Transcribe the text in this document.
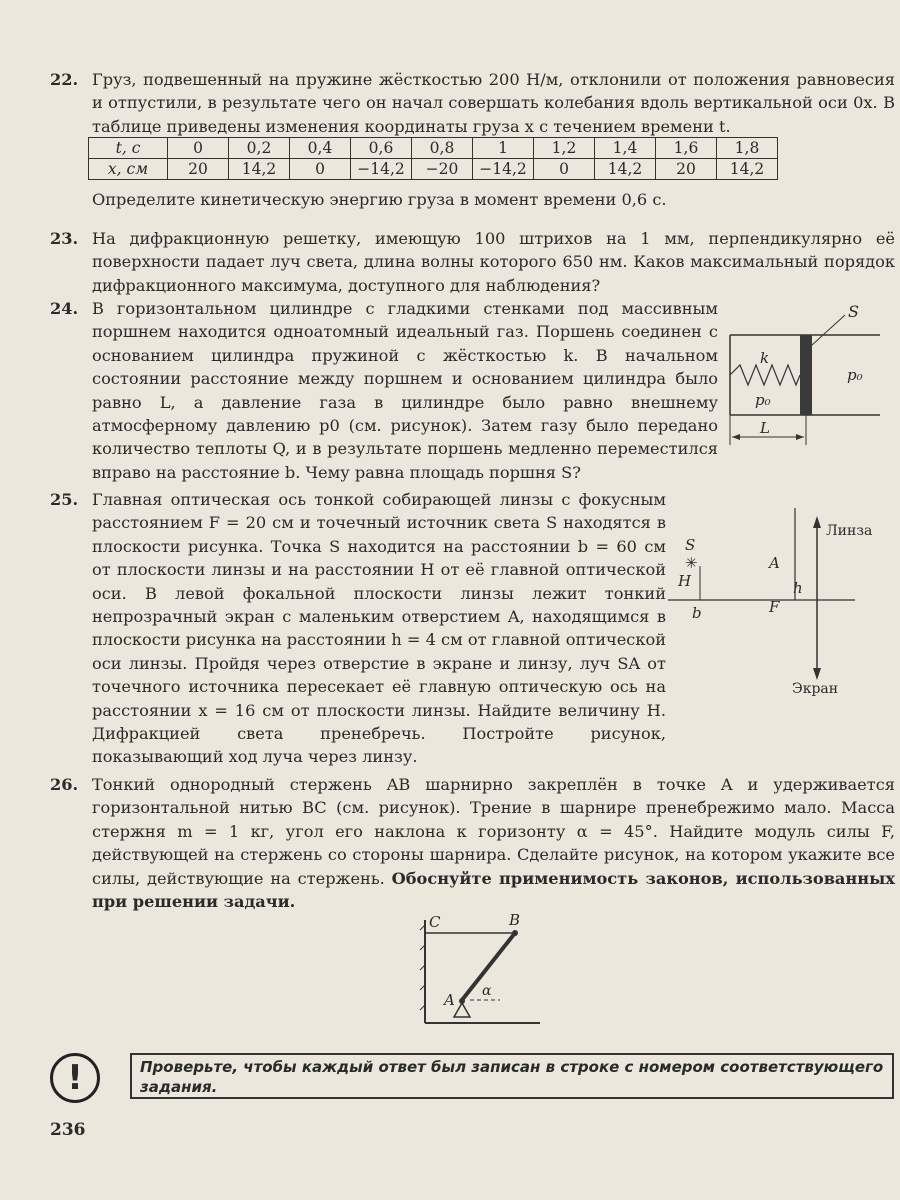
22. Груз, подвешенный на пружине жёсткостью 200 Н/м, отклонили от положения равновесия и отпустили, в результате чего он начал совершать колебания вдоль вертикальной оси 0x. В таблице приведены изменения координаты груза x с течением времени t.
t, c	0	0,2	0,4	0,6	0,8	1	1,2	1,4	1,6	1,8
x, см	20	14,2	0	−14,2	−20	−14,2	0	14,2	20	14,2
Определите кинетическую энергию груза в момент времени 0,6 с.
23. На дифракционную решетку, имеющую 100 штрихов на 1 мм, перпендикулярно её поверхности падает луч света, длина волны которого 650 нм. Каков максимальный порядок дифракционного максимума, доступного для наблюдения?
24. В горизонтальном цилиндре с гладкими стенками под массивным поршнем находится одноатомный идеальный газ. Поршень соединен с основанием цилиндра пружиной с жёсткостью k. В начальном состоянии расстояние между поршнем и основанием цилиндра было равно L, а давление газа в цилиндре было равно внешнему атмосферному давлению p0 (см. рисунок). Затем газу было передано количество теплоты Q, и в результате поршень медленно переместился вправо на расстояние b. Чему равна площадь поршня S?
S
k
p₀
p₀
L
25. Главная оптическая ось тонкой собирающей линзы с фокусным расстоянием F = 20 см и точечный источник света S находятся в плоскости рисунка. Точка S находится на расстоянии b = 60 см от плоскости линзы и на расстоянии H от её главной оптической оси. В левой фокальной плоскости линзы лежит тонкий непрозрачный экран с маленьким отверстием A, находящимся в плоскости рисунка на расстоянии h = 4 см от главной оптической оси линзы. Пройдя через отверстие в экране и линзу, луч SA от точечного источника пересекает её главную оптическую ось на расстоянии x = 16 см от плоскости линзы. Найдите величину H. Дифракцией света пренебречь. Постройте рисунок, показывающий ход луча через линзу.
Линза
Экран
S
✳
H
b
A
h
F
26. Тонкий однородный стержень AB шарнирно закреплён в точке A и удерживается горизонтальной нитью BC (см. рисунок). Трение в шарнире пренебрежимо мало. Масса стержня m = 1 кг, угол его наклона к горизонту α = 45°. Найдите модуль силы F, действующей на стержень со стороны шарнира. Сделайте рисунок, на котором укажите все силы, действующие на стержень. Обоснуйте применимость законов, использованных при решении задачи.
C	B
A α
!	Проверьте, чтобы каждый ответ был записан в строке с номером соответствующего задания.
236
